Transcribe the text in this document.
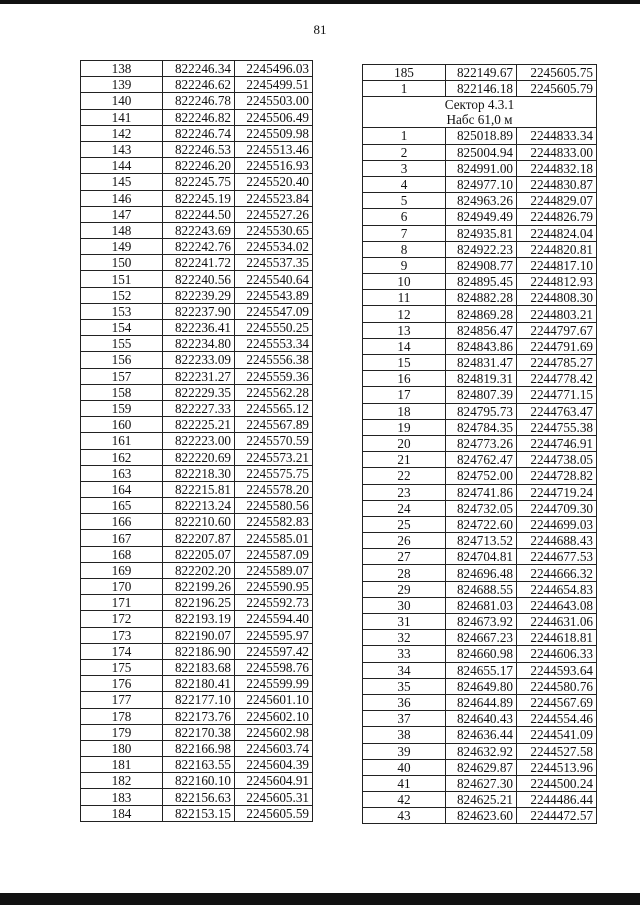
81
138	822246.34	2245496.03
139	822246.62	2245499.51
140	822246.78	2245503.00
141	822246.82	2245506.49
142	822246.74	2245509.98
143	822246.53	2245513.46
144	822246.20	2245516.93
145	822245.75	2245520.40
146	822245.19	2245523.84
147	822244.50	2245527.26
148	822243.69	2245530.65
149	822242.76	2245534.02
150	822241.72	2245537.35
151	822240.56	2245540.64
152	822239.29	2245543.89
153	822237.90	2245547.09
154	822236.41	2245550.25
155	822234.80	2245553.34
156	822233.09	2245556.38
157	822231.27	2245559.36
158	822229.35	2245562.28
159	822227.33	2245565.12
160	822225.21	2245567.89
161	822223.00	2245570.59
162	822220.69	2245573.21
163	822218.30	2245575.75
164	822215.81	2245578.20
165	822213.24	2245580.56
166	822210.60	2245582.83
167	822207.87	2245585.01
168	822205.07	2245587.09
169	822202.20	2245589.07
170	822199.26	2245590.95
171	822196.25	2245592.73
172	822193.19	2245594.40
173	822190.07	2245595.97
174	822186.90	2245597.42
175	822183.68	2245598.76
176	822180.41	2245599.99
177	822177.10	2245601.10
178	822173.76	2245602.10
179	822170.38	2245602.98
180	822166.98	2245603.74
181	822163.55	2245604.39
182	822160.10	2245604.91
183	822156.63	2245605.31
184	822153.15	2245605.59
185	822149.67	2245605.75
1	822146.18	2245605.79

Сектор 4.3.1
Набс 61,0 м		

1	825018.89	2244833.34
2	825004.94	2244833.00
3	824991.00	2244832.18
4	824977.10	2244830.87
5	824963.26	2244829.07
6	824949.49	2244826.79
7	824935.81	2244824.04
8	824922.23	2244820.81
9	824908.77	2244817.10
10	824895.45	2244812.93
11	824882.28	2244808.30
12	824869.28	2244803.21
13	824856.47	2244797.67
14	824843.86	2244791.69
15	824831.47	2244785.27
16	824819.31	2244778.42
17	824807.39	2244771.15
18	824795.73	2244763.47
19	824784.35	2244755.38
20	824773.26	2244746.91
21	824762.47	2244738.05
22	824752.00	2244728.82
23	824741.86	2244719.24
24	824732.05	2244709.30
25	824722.60	2244699.03
26	824713.52	2244688.43
27	824704.81	2244677.53
28	824696.48	2244666.32
29	824688.55	2244654.83
30	824681.03	2244643.08
31	824673.92	2244631.06
32	824667.23	2244618.81
33	824660.98	2244606.33
34	824655.17	2244593.64
35	824649.80	2244580.76
36	824644.89	2244567.69
37	824640.43	2244554.46
38	824636.44	2244541.09
39	824632.92	2244527.58
40	824629.87	2244513.96
41	824627.30	2244500.24
42	824625.21	2244486.44
43	824623.60	2244472.57
